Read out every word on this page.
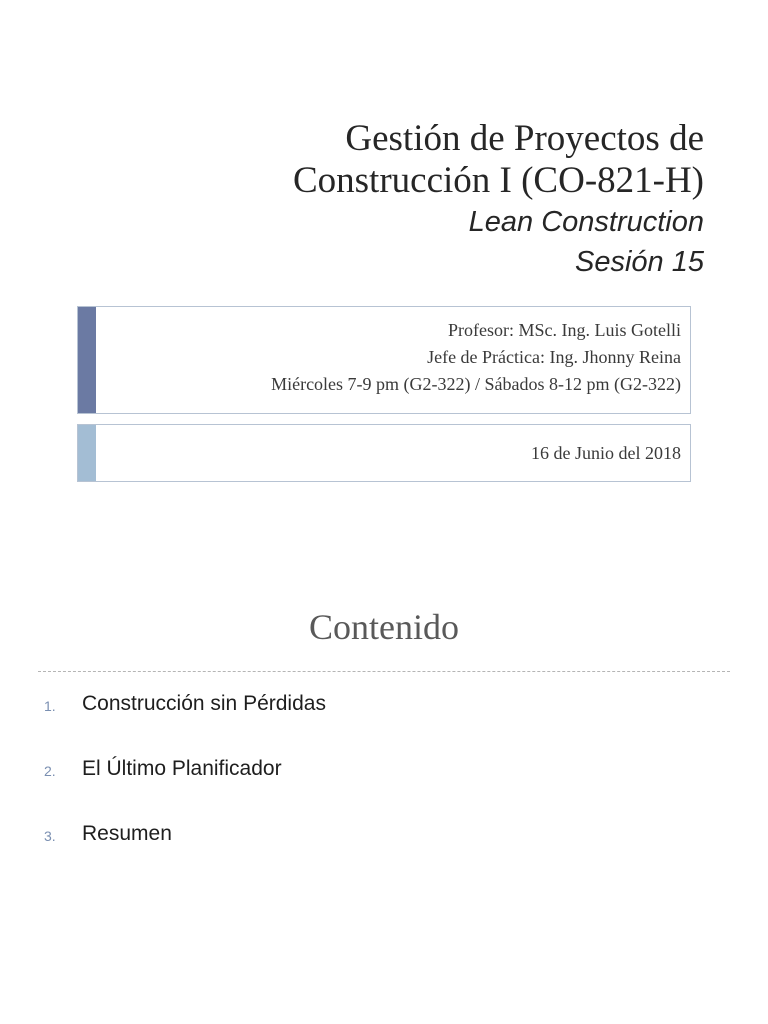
Gestión de Proyectos de
Construcción I (CO-821-H)
Lean Construction
Sesión 15
Profesor: MSc. Ing. Luis Gotelli
Jefe de Práctica: Ing. Jhonny Reina
Miércoles 7-9 pm (G2-322) / Sábados 8-12 pm (G2-322)
16 de Junio del 2018
Contenido
1. Construcción sin Pérdidas
2. El Último Planificador
3. Resumen
